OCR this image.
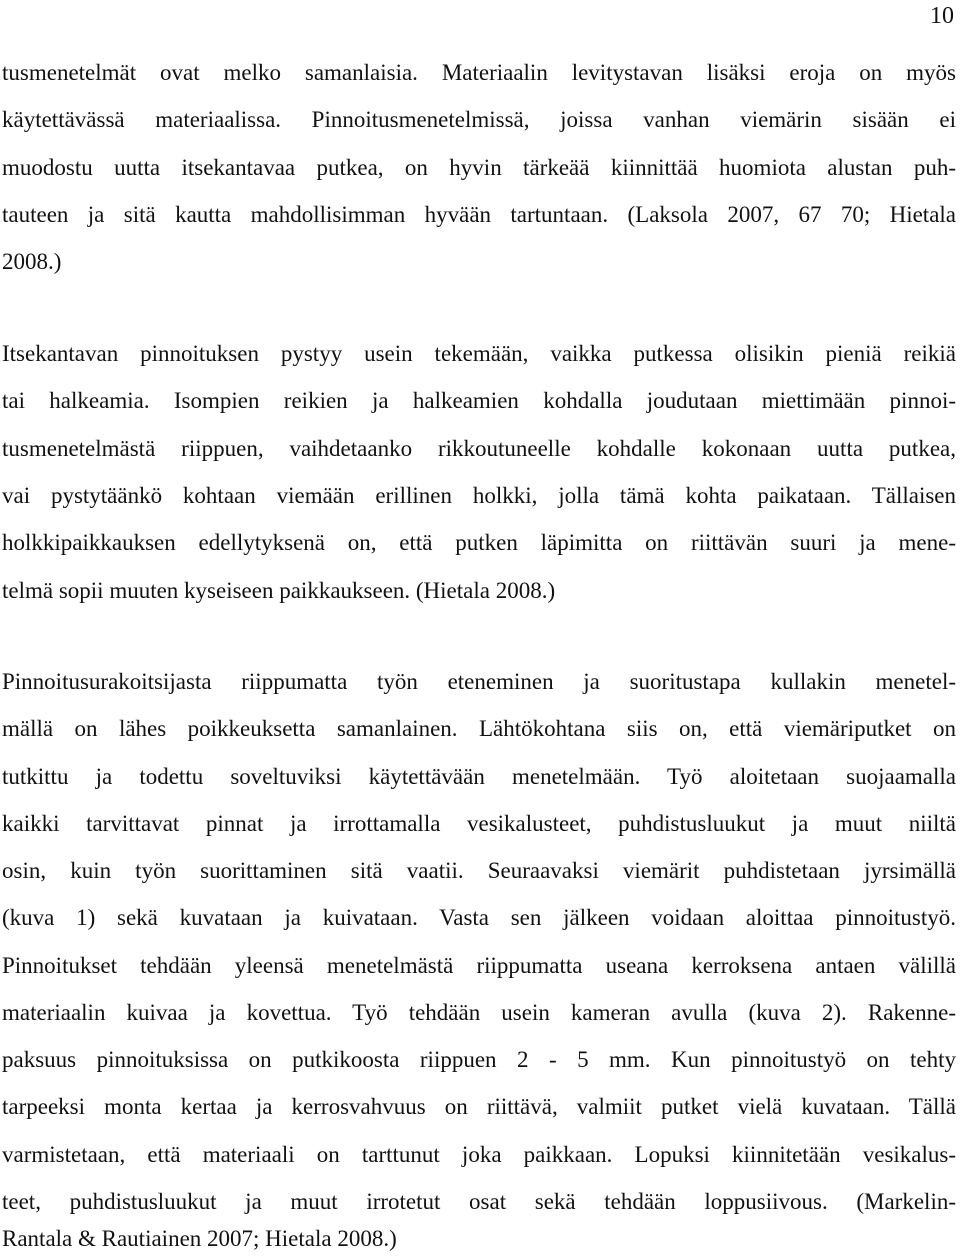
10
tusmenetelmät ovat melko samanlaisia. Materiaalin levitystavan lisäksi eroja on myös
käytettävässä materiaalissa. Pinnoitusmenetelmissä, joissa vanhan viemärin sisään ei
muodostu uutta itsekantavaa putkea, on hyvin tärkeää kiinnittää huomiota alustan puh-
tauteen ja sitä kautta mahdollisimman hyvään tartuntaan. (Laksola 2007, 67 70; Hietala
2008.)
Itsekantavan pinnoituksen pystyy usein tekemään, vaikka putkessa olisikin pieniä reikiä
tai halkeamia. Isompien reikien ja halkeamien kohdalla joudutaan miettimään pinnoi-
tusmenetelmästä riippuen, vaihdetaanko rikkoutuneelle kohdalle kokonaan uutta putkea,
vai pystytäänkö kohtaan viemään erillinen holkki, jolla tämä kohta paikataan. Tällaisen
holkkipaikkauksen edellytyksenä on, että putken läpimitta on riittävän suuri ja mene-
telmä sopii muuten kyseiseen paikkaukseen. (Hietala 2008.)
Pinnoitusurakoitsijasta riippumatta työn eteneminen ja suoritustapa kullakin menetel-
mällä on lähes poikkeuksetta samanlainen. Lähtökohtana siis on, että viemäriputket on
tutkittu ja todettu soveltuviksi käytettävään menetelmään. Työ aloitetaan suojaamalla
kaikki tarvittavat pinnat ja irrottamalla vesikalusteet, puhdistusluukut ja muut niiltä
osin, kuin työn suorittaminen sitä vaatii. Seuraavaksi viemärit puhdistetaan jyrsimällä
(kuva 1) sekä kuvataan ja kuivataan. Vasta sen jälkeen voidaan aloittaa pinnoitustyö.
Pinnoitukset tehdään yleensä menetelmästä riippumatta useana kerroksena antaen välillä
materiaalin kuivaa ja kovettua. Työ tehdään usein kameran avulla (kuva 2). Rakenne-
paksuus pinnoituksissa on putkikoosta riippuen 2 - 5 mm. Kun pinnoitustyö on tehty
tarpeeksi monta kertaa ja kerrosvahvuus on riittävä, valmiit putket vielä kuvataan. Tällä
varmistetaan, että materiaali on tarttunut joka paikkaan. Lopuksi kiinnitetään vesikalus-
teet, puhdistusluukut ja muut irrotetut osat sekä tehdään loppusiivous. (Markelin-
Rantala & Rautiainen 2007; Hietala 2008.)
